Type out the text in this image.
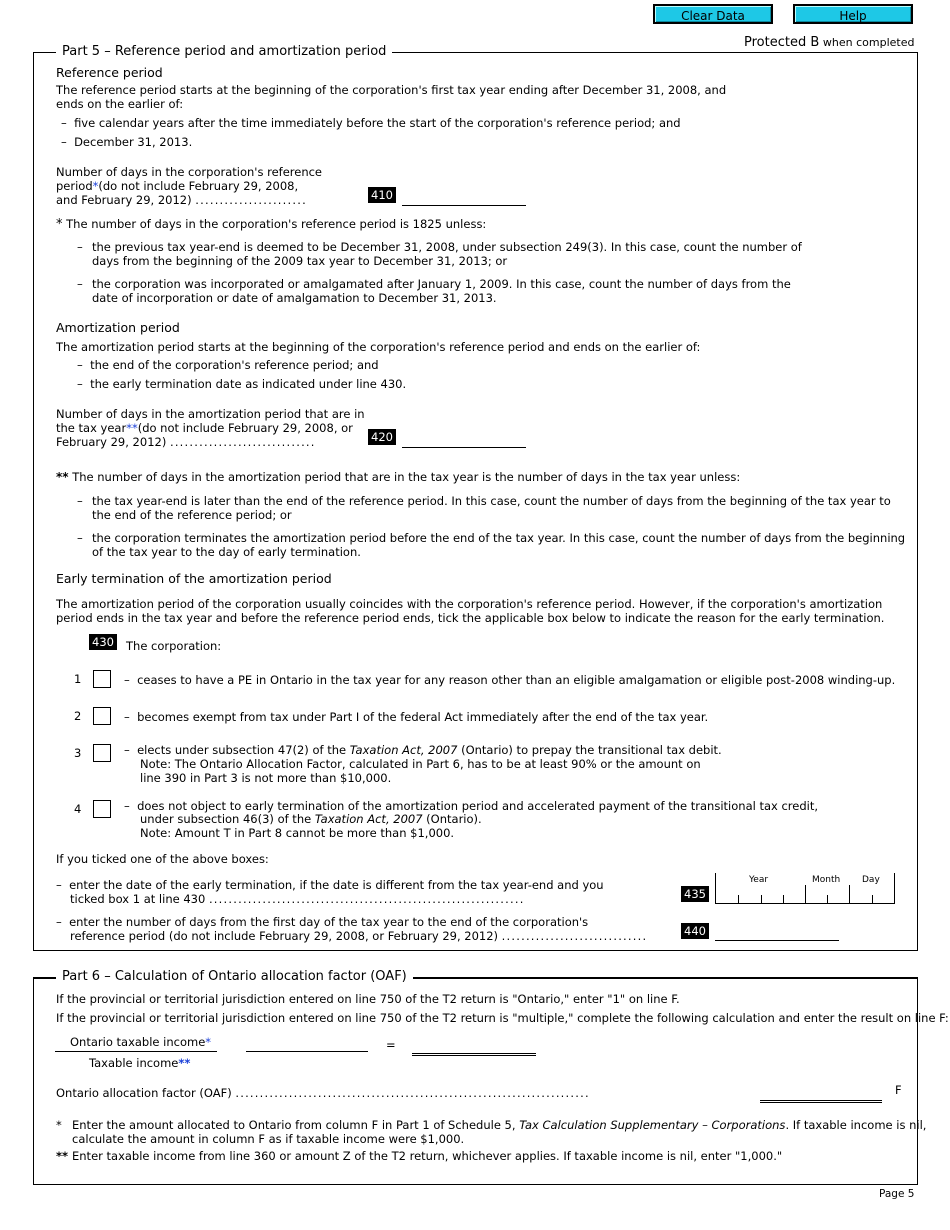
Clear Data	Help
Protected B when completed
Part 5 – Reference period and amortization period
Reference period
The reference period starts at the beginning of the corporation's first tax year ending after December 31, 2008, and
ends on the earlier of:
– five calendar years after the time immediately before the start of the corporation's reference period; and
– December 31, 2013.
Number of days in the corporation's reference
period*(do not include February 29, 2008,
and February 29, 2012) .......................	410
* The number of days in the corporation's reference period is 1825 unless:
– the previous tax year-end is deemed to be December 31, 2008, under subsection 249(3). In this case, count the number of
days from the beginning of the 2009 tax year to December 31, 2013; or
– the corporation was incorporated or amalgamated after January 1, 2009. In this case, count the number of days from the
date of incorporation or date of amalgamation to December 31, 2013.
Amortization period
The amortization period starts at the beginning of the corporation's reference period and ends on the earlier of:
– the end of the corporation's reference period; and
– the early termination date as indicated under line 430.
Number of days in the amortization period that are in
the tax year**(do not include February 29, 2008, or
February 29, 2012) ..............................	420
** The number of days in the amortization period that are in the tax year is the number of days in the tax year unless:
– the tax year-end is later than the end of the reference period. In this case, count the number of days from the beginning of the tax year to
the end of the reference period; or
– the corporation terminates the amortization period before the end of the tax year. In this case, count the number of days from the beginning
of the tax year to the day of early termination.
Early termination of the amortization period
The amortization period of the corporation usually coincides with the corporation's reference period. However, if the corporation's amortization
period ends in the tax year and before the reference period ends, tick the applicable box below to indicate the reason for the early termination.
430 The corporation:
1	– ceases to have a PE in Ontario in the tax year for any reason other than an eligible amalgamation or eligible post-2008 winding-up.
2	– becomes exempt from tax under Part I of the federal Act immediately after the end of the tax year.
3	– elects under subsection 47(2) of the Taxation Act, 2007 (Ontario) to prepay the transitional tax debit.
Note: The Ontario Allocation Factor, calculated in Part 6, has to be at least 90% or the amount on
line 390 in Part 3 is not more than $10,000.
4	– does not object to early termination of the amortization period and accelerated payment of the transitional tax credit,
under subsection 46(3) of the Taxation Act, 2007 (Ontario).
Note: Amount T in Part 8 cannot be more than $1,000.
If you ticked one of the above boxes:
– enter the date of the early termination, if the date is different from the tax year-end and you
ticked box 1 at line 430 .................................................................	435
Year	Month Day
– enter the number of days from the first day of the tax year to the end of the corporation's
reference period (do not include February 29, 2008, or February 29, 2012) ..............................	440
Part 6 – Calculation of Ontario allocation factor (OAF)
If the provincial or territorial jurisdiction entered on line 750 of the T2 return is "Ontario," enter "1" on line F.
If the provincial or territorial jurisdiction entered on line 750 of the T2 return is "multiple," complete the following calculation and enter the result on line F:
Ontario taxable income*
Taxable income**
=
Ontario allocation factor (OAF) .........................................................................	F
* Enter the amount allocated to Ontario from column F in Part 1 of Schedule 5, Tax Calculation Supplementary – Corporations. If taxable income is nil,
calculate the amount in column F as if taxable income were $1,000.
** Enter taxable income from line 360 or amount Z of the T2 return, whichever applies. If taxable income is nil, enter "1,000."
Page 5
